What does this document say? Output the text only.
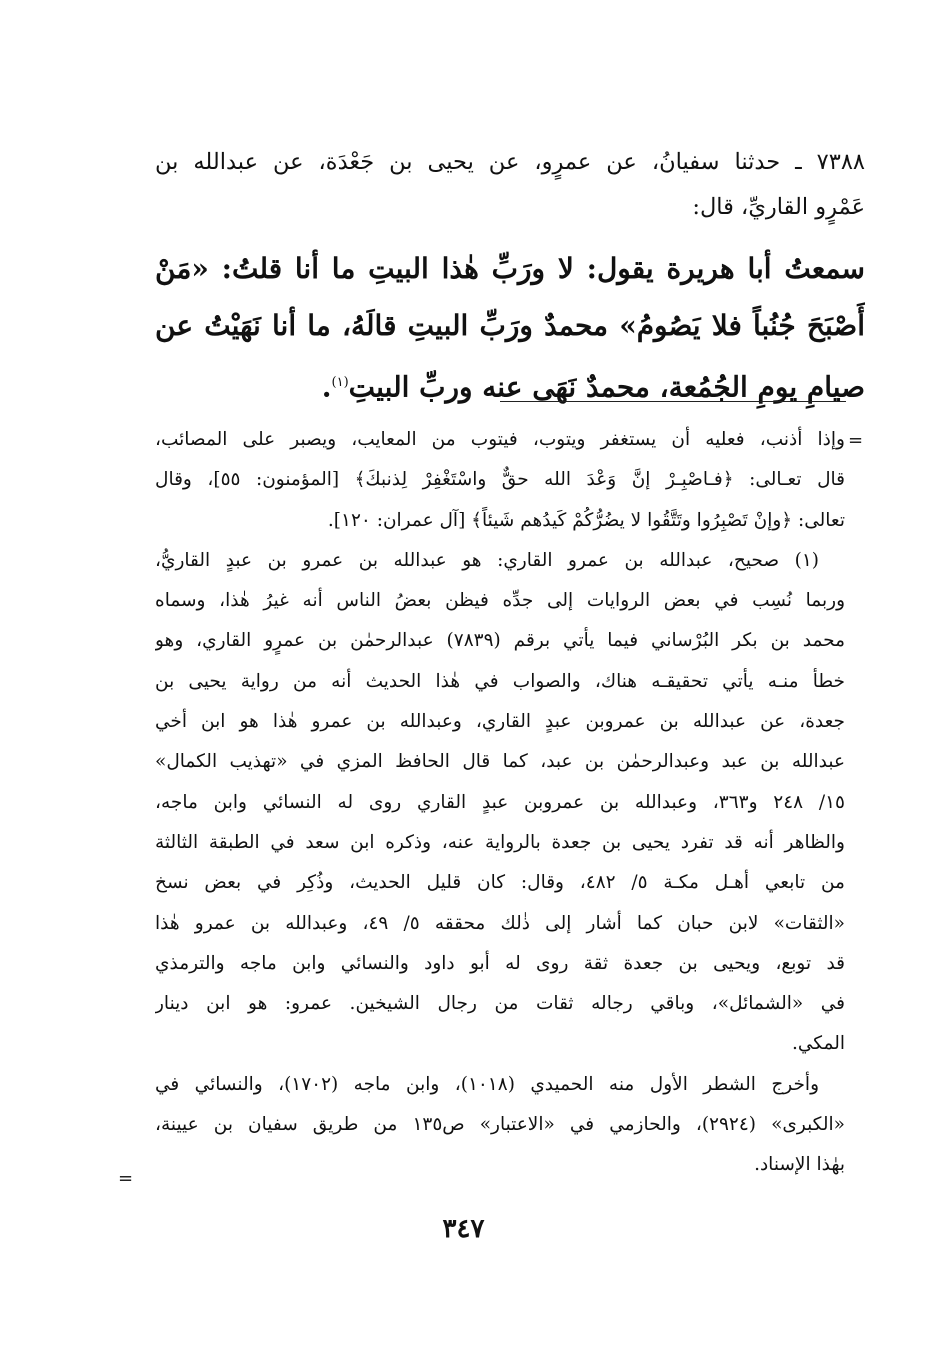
٧٣٨٨ ـ حدثنا سفيانُ، عن عمرٍو، عن يحيى بن جَعْدَة، عن عبدالله بن
عَمْرٍو القاريِّ، قال:
سمعتُ أبا هريرة يقول: لا ورَبِّ هٰذا البيتِ ما أنا قلتُ: «مَنْ
أَصْبَحَ جُنُباً فلا يَصُومُ» محمدٌ ورَبِّ البيتِ قالَهُ، ما أنا نَهَيْتُ عن
صيامِ يومِ الجُمُعة، محمدٌ نَهَى عنه وربِّ البيتِ$^{(١)}$.
=
وإذا أذنب، فعليه أن يستغفر ويتوب، فيتوب من المعايب، ويصبر على المصائب،
قال تعـالى: ﴿فـاصْبِـرْ إنَّ وَعْدَ الله حقٌّ واسْتَغْفِرْ لِذنبكَ﴾ [المؤمنون: ٥٥]، وقال
تعالى: ﴿وإنْ تَصْبِرُوا وتَتَّقُوا لا يضُرُّكُمْ كَيدُهم شَيئاً﴾ [آل عمران: ١٢٠].
(١) صحيح، عبدالله بن عمرو القاري: هو عبدالله بن عمرو بن عبدٍ القاريُّ،
وربما نُسِب في بعض الروايات إلى جدِّه فيظن بعضُ الناس أنه غيرُ هٰذا، وسماه
محمد بن بكر البُرْساني فيما يأتي برقم (٧٨٣٩) عبدالرحمٰن بن عمرٍو القاري، وهو
خطأ منـه يأتي تحقيقـه هناك، والصواب في هٰذا الحديث أنه من رواية يحيى بن
جعدة، عن عبدالله بن عمروبن عبدٍ القاري، وعبدالله بن عمرو هٰذا هو ابن أخي
عبدالله بن عبد وعبدالرحمٰن بن عبد، كما قال الحافظ المزي في «تهذيب الكمال»
١٥/ ٢٤٨ و٣٦٣، وعبدالله بن عمروبن عبدٍ القاري روى له النسائي وابن ماجه،
والظاهر أنه قد تفرد يحيى بن جعدة بالرواية عنه، وذكره ابن سعد في الطبقة الثالثة
من تابعي أهـل مكـة ٥/ ٤٨٢، وقال: كان قليل الحديث، وذُكِر في بعض نسخ
«الثقات» لابن حبان كما أشار إلى ذٰلك محققه ٥/ ٤٩، وعبدالله بن عمرو هٰذا
قد توبع، ويحيى بن جعدة ثقة روى له أبو داود والنسائي وابن ماجه والترمذي
في «الشمائل»، وباقي رجاله ثقات من رجال الشيخين. عمرو: هو ابن دينار
المكي.
وأخرج الشطر الأول منه الحميدي (١٠١٨)، وابن ماجه (١٧٠٢)، والنسائي في
«الكبرى» (٢٩٢٤)، والحازمي في «الاعتبار» ص١٣٥ من طريق سفيان بن عيينة،
بهٰذا الإسناد.
=
٣٤٧
